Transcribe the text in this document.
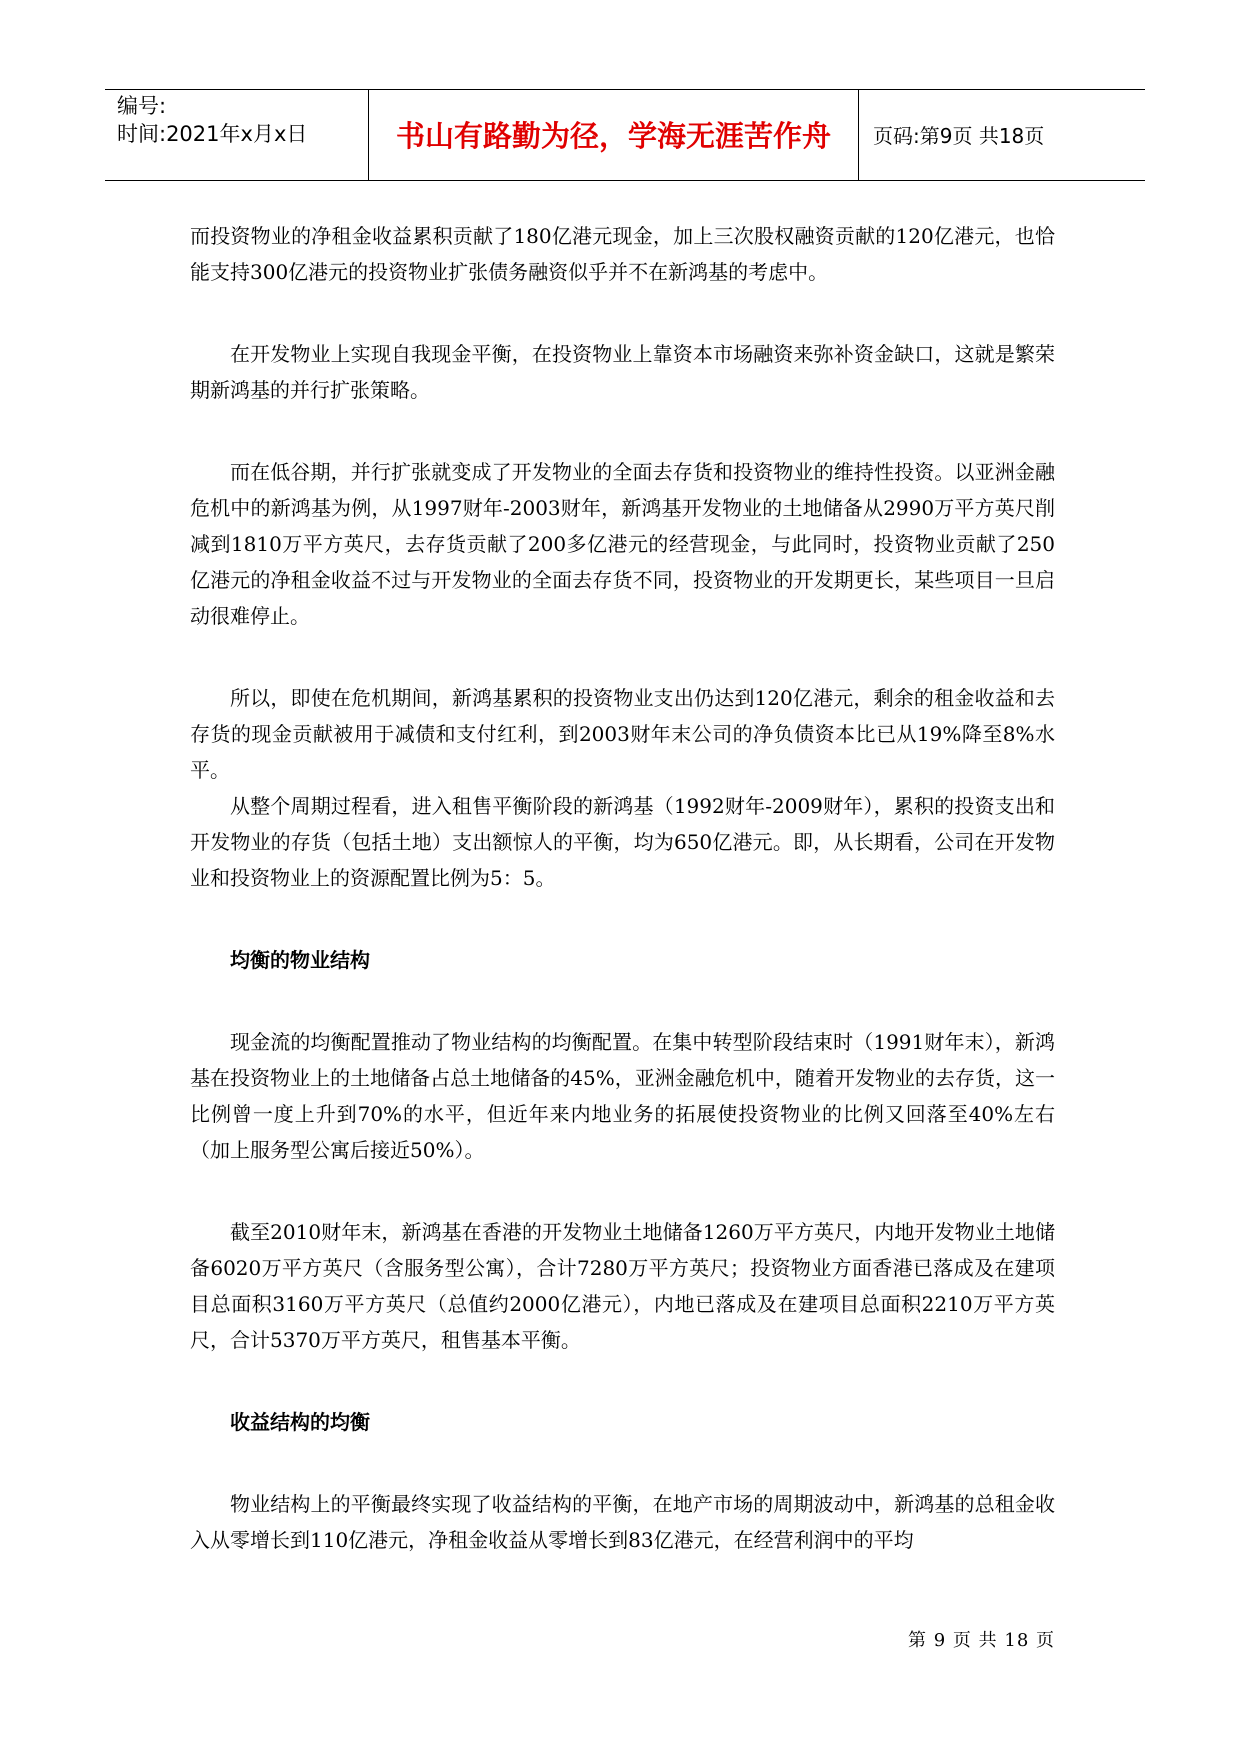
编号:
时间:2021年x月x日	书山有路勤为径，学海无涯苦作舟	页码:第9页 共18页

而投资物业的净租金收益累积贡献了180亿港元现金，加上三次股权融资贡献的120亿港元，也恰能支持300亿港元的投资物业扩张债务融资似乎并不在新鸿基的考虑中。

在开发物业上实现自我现金平衡，在投资物业上靠资本市场融资来弥补资金缺口，这就是繁荣期新鸿基的并行扩张策略。

而在低谷期，并行扩张就变成了开发物业的全面去存货和投资物业的维持性投资。以亚洲金融危机中的新鸿基为例，从1997财年-2003财年，新鸿基开发物业的土地储备从2990万平方英尺削减到1810万平方英尺，去存货贡献了200多亿港元的经营现金，与此同时，投资物业贡献了250亿港元的净租金收益不过与开发物业的全面去存货不同，投资物业的开发期更长，某些项目一旦启动很难停止。

所以，即使在危机期间，新鸿基累积的投资物业支出仍达到120亿港元，剩余的租金收益和去存货的现金贡献被用于减债和支付红利，到2003财年末公司的净负债资本比已从19%降至8%水平。

从整个周期过程看，进入租售平衡阶段的新鸿基（1992财年-2009财年），累积的投资支出和开发物业的存货（包括土地）支出额惊人的平衡，均为650亿港元。即，从长期看，公司在开发物业和投资物业上的资源配置比例为5：5。

均衡的物业结构

现金流的均衡配置推动了物业结构的均衡配置。在集中转型阶段结束时（1991财年末），新鸿基在投资物业上的土地储备占总土地储备的45%，亚洲金融危机中，随着开发物业的去存货，这一比例曾一度上升到70%的水平，但近年来内地业务的拓展使投资物业的比例又回落至40%左右（加上服务型公寓后接近50%）。

截至2010财年末，新鸿基在香港的开发物业土地储备1260万平方英尺，内地开发物业土地储备6020万平方英尺（含服务型公寓），合计7280万平方英尺；投资物业方面香港已落成及在建项目总面积3160万平方英尺（总值约2000亿港元），内地已落成及在建项目总面积2210万平方英尺，合计5370万平方英尺，租售基本平衡。

收益结构的均衡

物业结构上的平衡最终实现了收益结构的平衡，在地产市场的周期波动中，新鸿基的总租金收入从零增长到110亿港元，净租金收益从零增长到83亿港元，在经营利润中的平均

第 9 页 共 18 页
